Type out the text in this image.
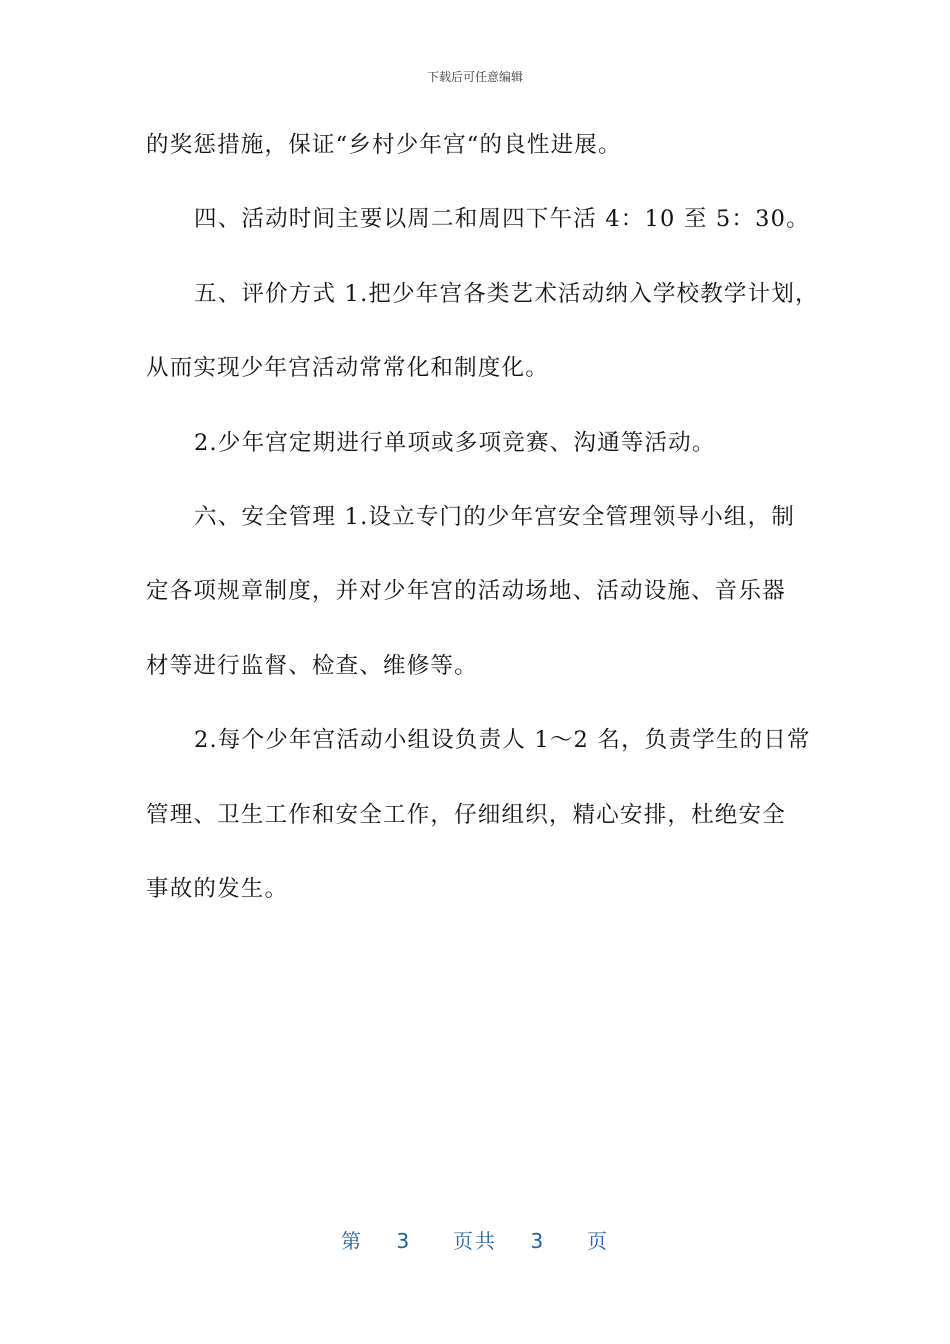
下载后可任意编辑
的奖惩措施，保证“乡村少年宫“的良性进展。
四、活动时间主要以周二和周四下午活 4：10 至 5：30。
五、评价方式 1.把少年宫各类艺术活动纳入学校教学计划，
从而实现少年宫活动常常化和制度化。
2.少年宫定期进行单项或多项竞赛、沟通等活动。
六、安全管理 1.设立专门的少年宫安全管理领导小组，制
定各项规章制度，并对少年宫的活动场地、活动设施、音乐器
材等进行监督、检查、维修等。
2.每个少年宫活动小组设负责人 1～2 名，负责学生的日常
管理、卫生工作和安全工作，仔细组织，精心安排，杜绝安全
事故的发生。
第 3 页共 3 页
